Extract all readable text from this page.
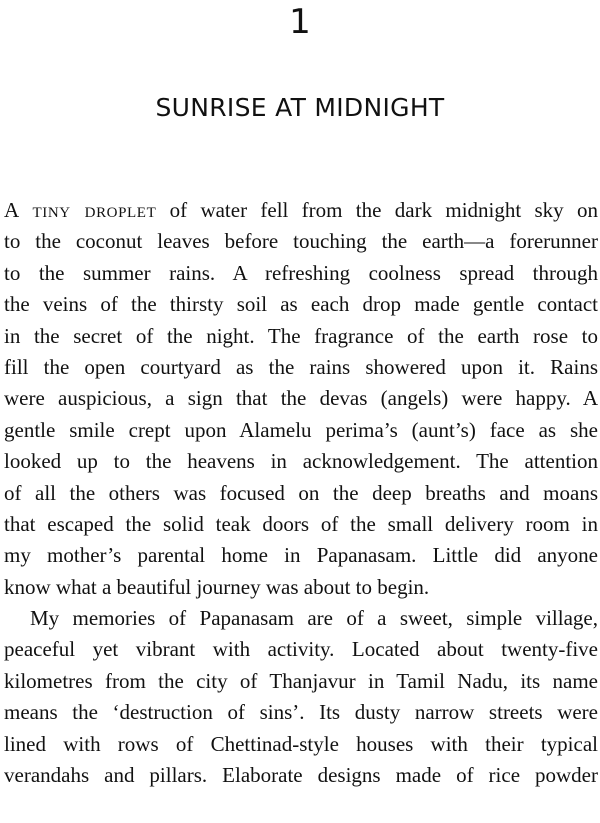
1
SUNRISE AT MIDNIGHT
A tiny droplet of water fell from the dark midnight sky on
to the coconut leaves before touching the earth—a forerunner
to the summer rains. A refreshing coolness spread through
the veins of the thirsty soil as each drop made gentle contact
in the secret of the night. The fragrance of the earth rose to
fill the open courtyard as the rains showered upon it. Rains
were auspicious, a sign that the devas (angels) were happy. A
gentle smile crept upon Alamelu perima’s (aunt’s) face as she
looked up to the heavens in acknowledgement. The attention
of all the others was focused on the deep breaths and moans
that escaped the solid teak doors of the small delivery room in
my mother’s parental home in Papanasam. Little did anyone
know what a beautiful journey was about to begin.
My memories of Papanasam are of a sweet, simple village,
peaceful yet vibrant with activity. Located about twenty-five
kilometres from the city of Thanjavur in Tamil Nadu, its name
means the ‘destruction of sins’. Its dusty narrow streets were
lined with rows of Chettinad-style houses with their typical
verandahs and pillars. Elaborate designs made of rice powder
